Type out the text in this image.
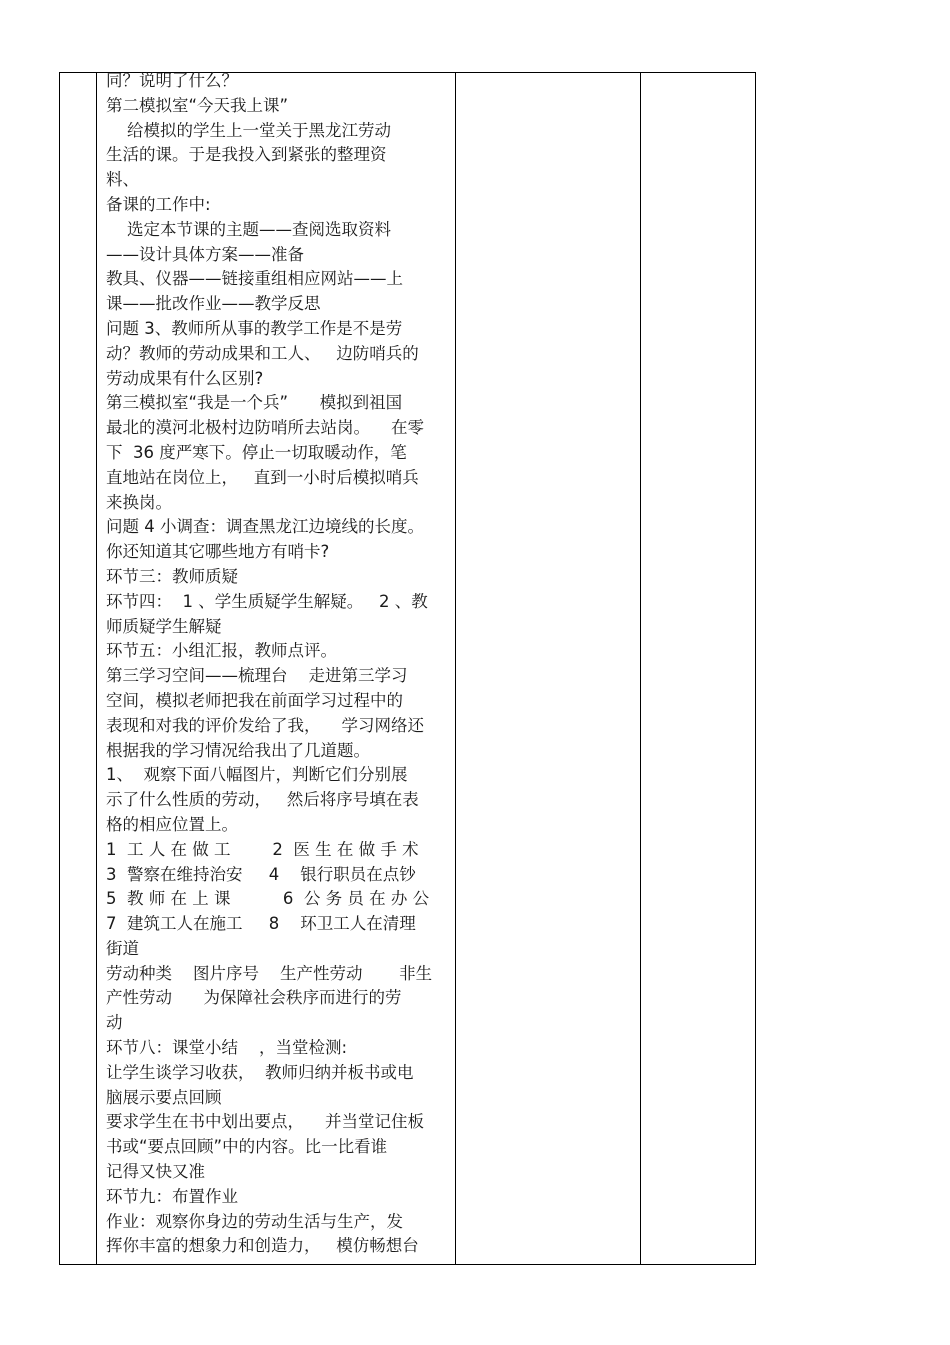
同？说明了什么？
第二模拟室“今天我上课”
给模拟的学生上一堂关于黑龙江劳动
生活的课。于是我投入到紧张的整理资
料、
备课的工作中:
选定本节课的主题——查阅选取资料
——设计具体方案——准备
教具、仪器——链接重组相应网站——上
课——批改作业——教学反思
问题 3、教师所从事的教学工作是不是劳
动？教师的劳动成果和工人、   边防哨兵的
劳动成果有什么区别?
第三模拟室“我是一个兵”      模拟到祖国
最北的漠河北极村边防哨所去站岗。    在零
下  36 度严寒下。停止一切取暖动作，笔
直地站在岗位上，   直到一小时后模拟哨兵
来换岗。
问题 4 小调查：调查黑龙江边境线的长度。
你还知道其它哪些地方有哨卡?
环节三：教师质疑
环节四：  1 、学生质疑学生解疑。   2 、教
师质疑学生解疑
环节五：小组汇报，教师点评。
第三学习空间——梳理台    走进第三学习
空间，模拟老师把我在前面学习过程中的
表现和对我的评价发给了我，    学习网络还
根据我的学习情况给我出了几道题。
1、  观察下面八幅图片，判断它们分别展
示了什么性质的劳动，   然后将序号填在表
格的相应位置上。
1  工 人 在 做 工        2  医 生 在 做 手 术
3  警察在维持治安     4    银行职员在点钞
5  教 师 在 上 课          6  公 务 员 在 办 公
7  建筑工人在施工     8    环卫工人在清理
街道
劳动种类    图片序号    生产性劳动       非生
产性劳动      为保障社会秩序而进行的劳
动
环节八：课堂小结    ，当堂检测:
让学生谈学习收获，  教师归纳并板书或电
脑展示要点回顾
要求学生在书中划出要点，    并当堂记住板
书或“要点回顾”中的内容。比一比看谁
记得又快又准
环节九：布置作业
作业：观察你身边的劳动生活与生产，发
挥你丰富的想象力和创造力，   模仿畅想台
